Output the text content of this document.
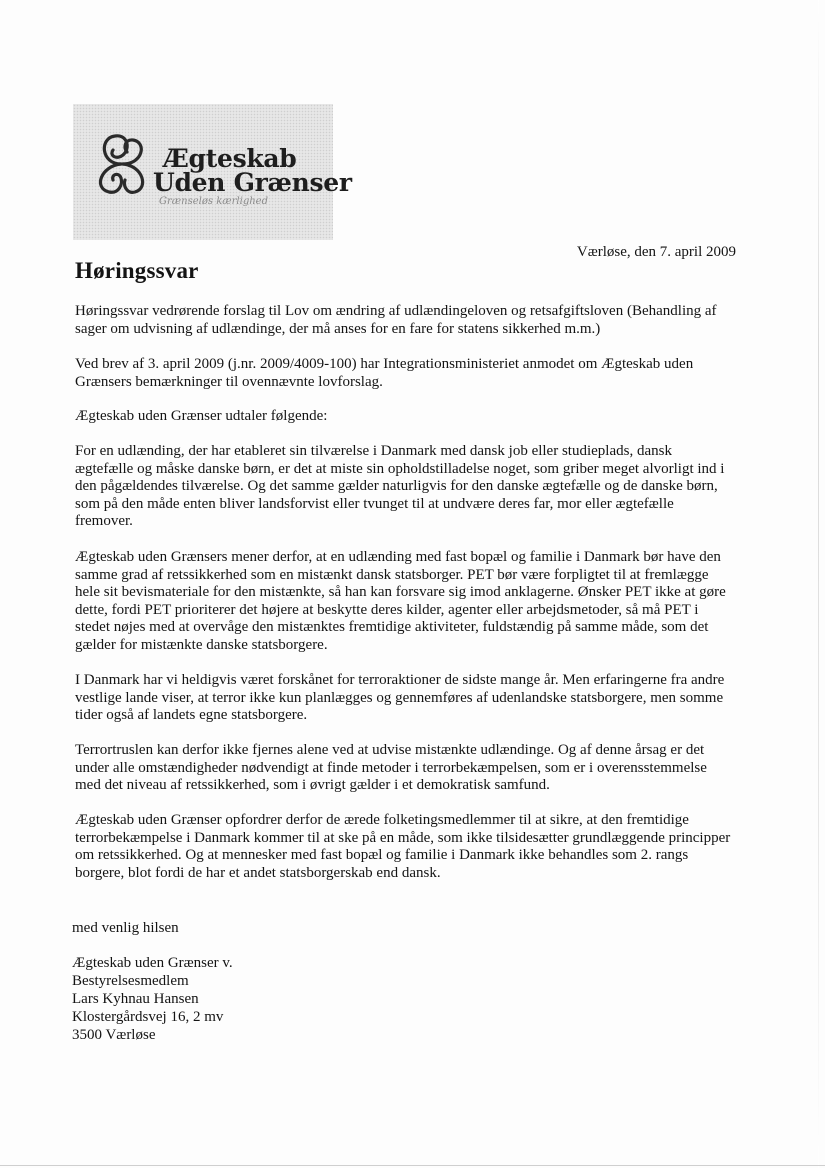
Ægteskab
Uden Grænser
Grænseløs kærlighed
Værløse, den 7. april 2009
Høringssvar

Høringssvar vedrørende forslag til Lov om ændring af udlændingeloven og retsafgiftsloven (Behandling af
sager om udvisning af udlændinge, der må anses for en fare for statens sikkerhed m.m.)

Ved brev af 3. april 2009 (j.nr. 2009/4009-100) har Integrationsministeriet anmodet om Ægteskab uden
Grænsers bemærkninger til ovennævnte lovforslag.

Ægteskab uden Grænser udtaler følgende:

For en udlænding, der har etableret sin tilværelse i Danmark med dansk job eller studieplads, dansk
ægtefælle og måske danske børn, er det at miste sin opholdstilladelse noget, som griber meget alvorligt ind i
den pågældendes tilværelse. Og det samme gælder naturligvis for den danske ægtefælle og de danske børn,
som på den måde enten bliver landsforvist eller tvunget til at undvære deres far, mor eller ægtefælle
fremover.

Ægteskab uden Grænsers mener derfor, at en udlænding med fast bopæl og familie i Danmark bør have den
samme grad af retssikkerhed som en mistænkt dansk statsborger. PET bør være forpligtet til at fremlægge
hele sit bevismateriale for den mistænkte, så han kan forsvare sig imod anklagerne. Ønsker PET ikke at gøre
dette, fordi PET prioriterer det højere at beskytte deres kilder, agenter eller arbejdsmetoder, så må PET i
stedet nøjes med at overvåge den mistænktes fremtidige aktiviteter, fuldstændig på samme måde, som det
gælder for mistænkte danske statsborgere.

I Danmark har vi heldigvis været forskånet for terroraktioner de sidste mange år. Men erfaringerne fra andre
vestlige lande viser, at terror ikke kun planlægges og gennemføres af udenlandske statsborgere, men somme
tider også af landets egne statsborgere.

Terrortruslen kan derfor ikke fjernes alene ved at udvise mistænkte udlændinge. Og af denne årsag er det
under alle omstændigheder nødvendigt at finde metoder i terrorbekæmpelsen, som er i overensstemmelse
med det niveau af retssikkerhed, som i øvrigt gælder i et demokratisk samfund.

Ægteskab uden Grænser opfordrer derfor de ærede folketingsmedlemmer til at sikre, at den fremtidige
terrorbekæmpelse i Danmark kommer til at ske på en måde, som ikke tilsidesætter grundlæggende principper
om retssikkerhed. Og at mennesker med fast bopæl og familie i Danmark ikke behandles som 2. rangs
borgere, blot fordi de har et andet statsborgerskab end dansk.

med venlig hilsen

Ægteskab uden Grænser v.
Bestyrelsesmedlem
Lars Kyhnau Hansen
Klostergårdsvej 16, 2 mv
3500 Værløse
